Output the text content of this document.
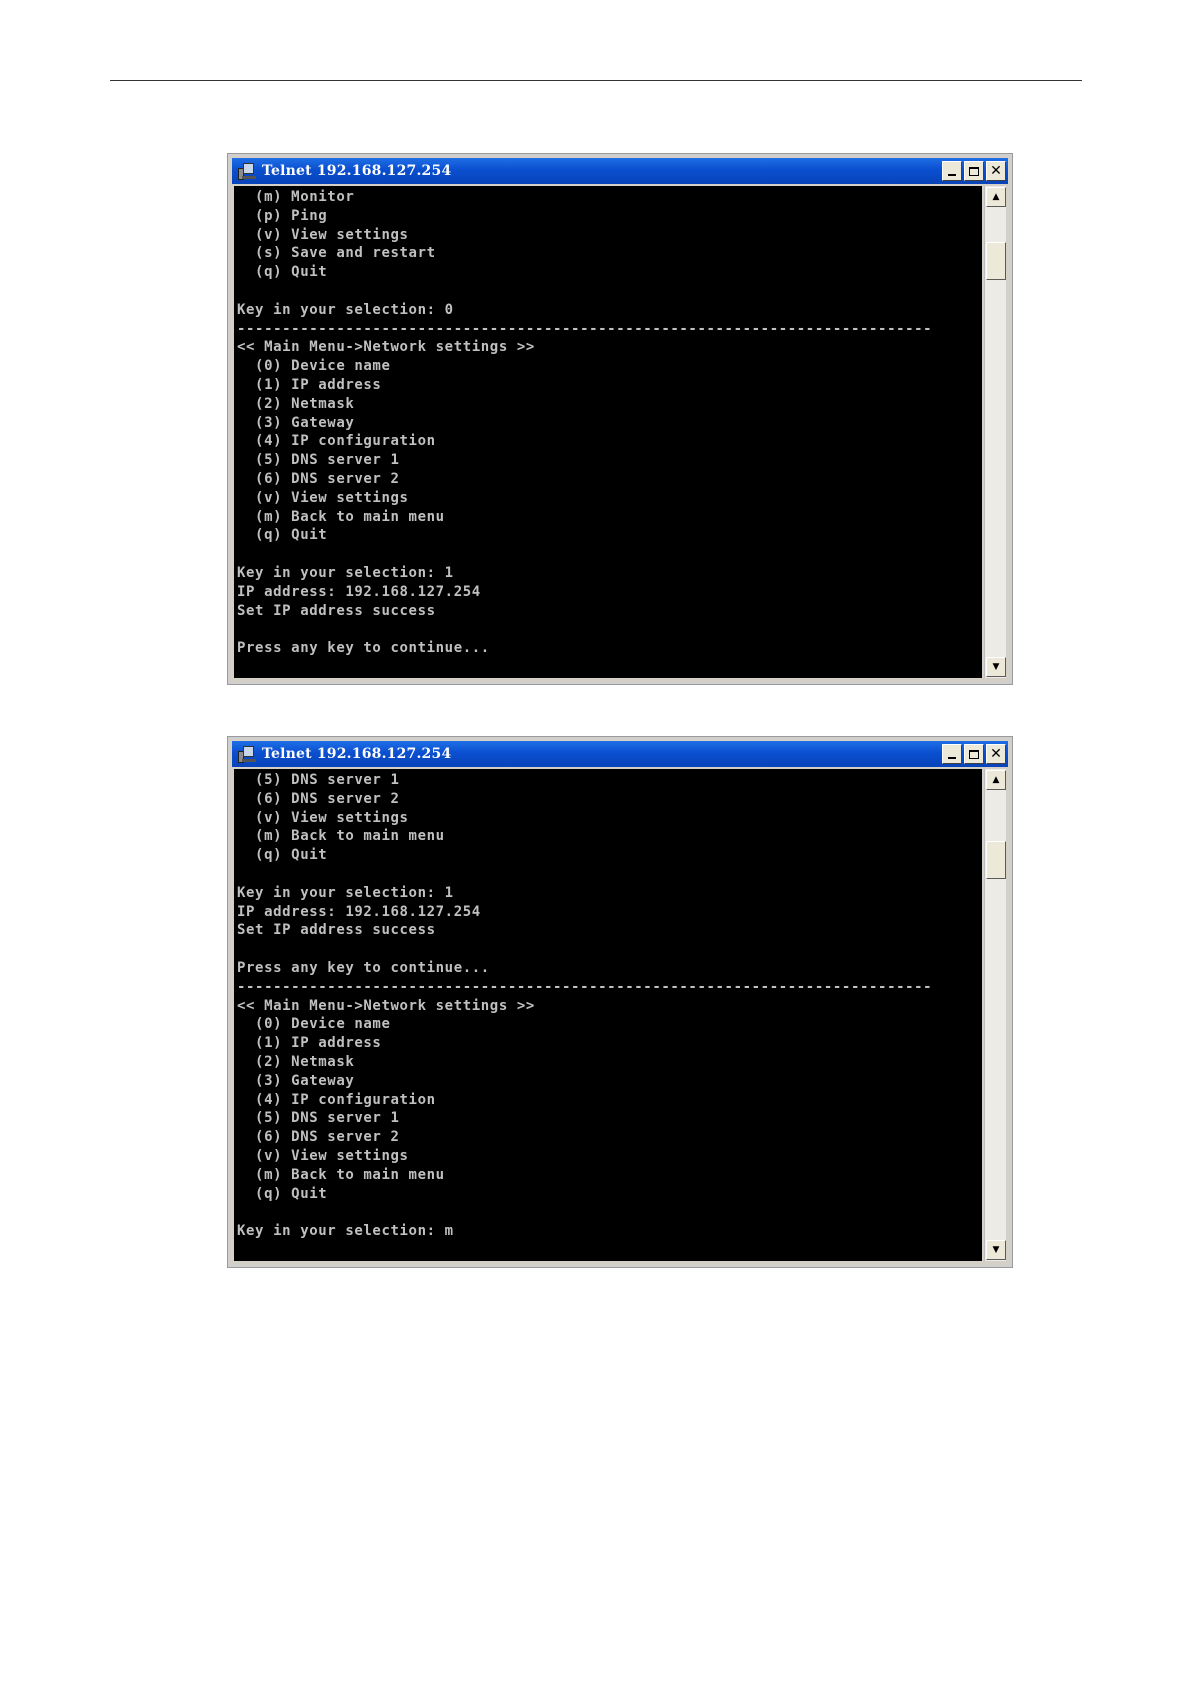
Telnet 192.168.127.254	✕
(m) Monitor
(p) Ping
(v) View settings
(s) Save and restart
(q) Quit
Key in your selection: 0
-----------------------------------------------------------------------------
<< Main Menu->Network settings >>
(0) Device name
(1) IP address
(2) Netmask
(3) Gateway
(4) IP configuration
(5) DNS server 1
(6) DNS server 2
(v) View settings
(m) Back to main menu
(q) Quit
Key in your selection: 1
IP address: 192.168.127.254
Set IP address success
Press any key to continue...
▲
▼
Telnet 192.168.127.254	✕
(5) DNS server 1
(6) DNS server 2
(v) View settings
(m) Back to main menu
(q) Quit
Key in your selection: 1
IP address: 192.168.127.254
Set IP address success
Press any key to continue...
-----------------------------------------------------------------------------
<< Main Menu->Network settings >>
(0) Device name
(1) IP address
(2) Netmask
(3) Gateway
(4) IP configuration
(5) DNS server 1
(6) DNS server 2
(v) View settings
(m) Back to main menu
(q) Quit
Key in your selection: m
▲
▼
